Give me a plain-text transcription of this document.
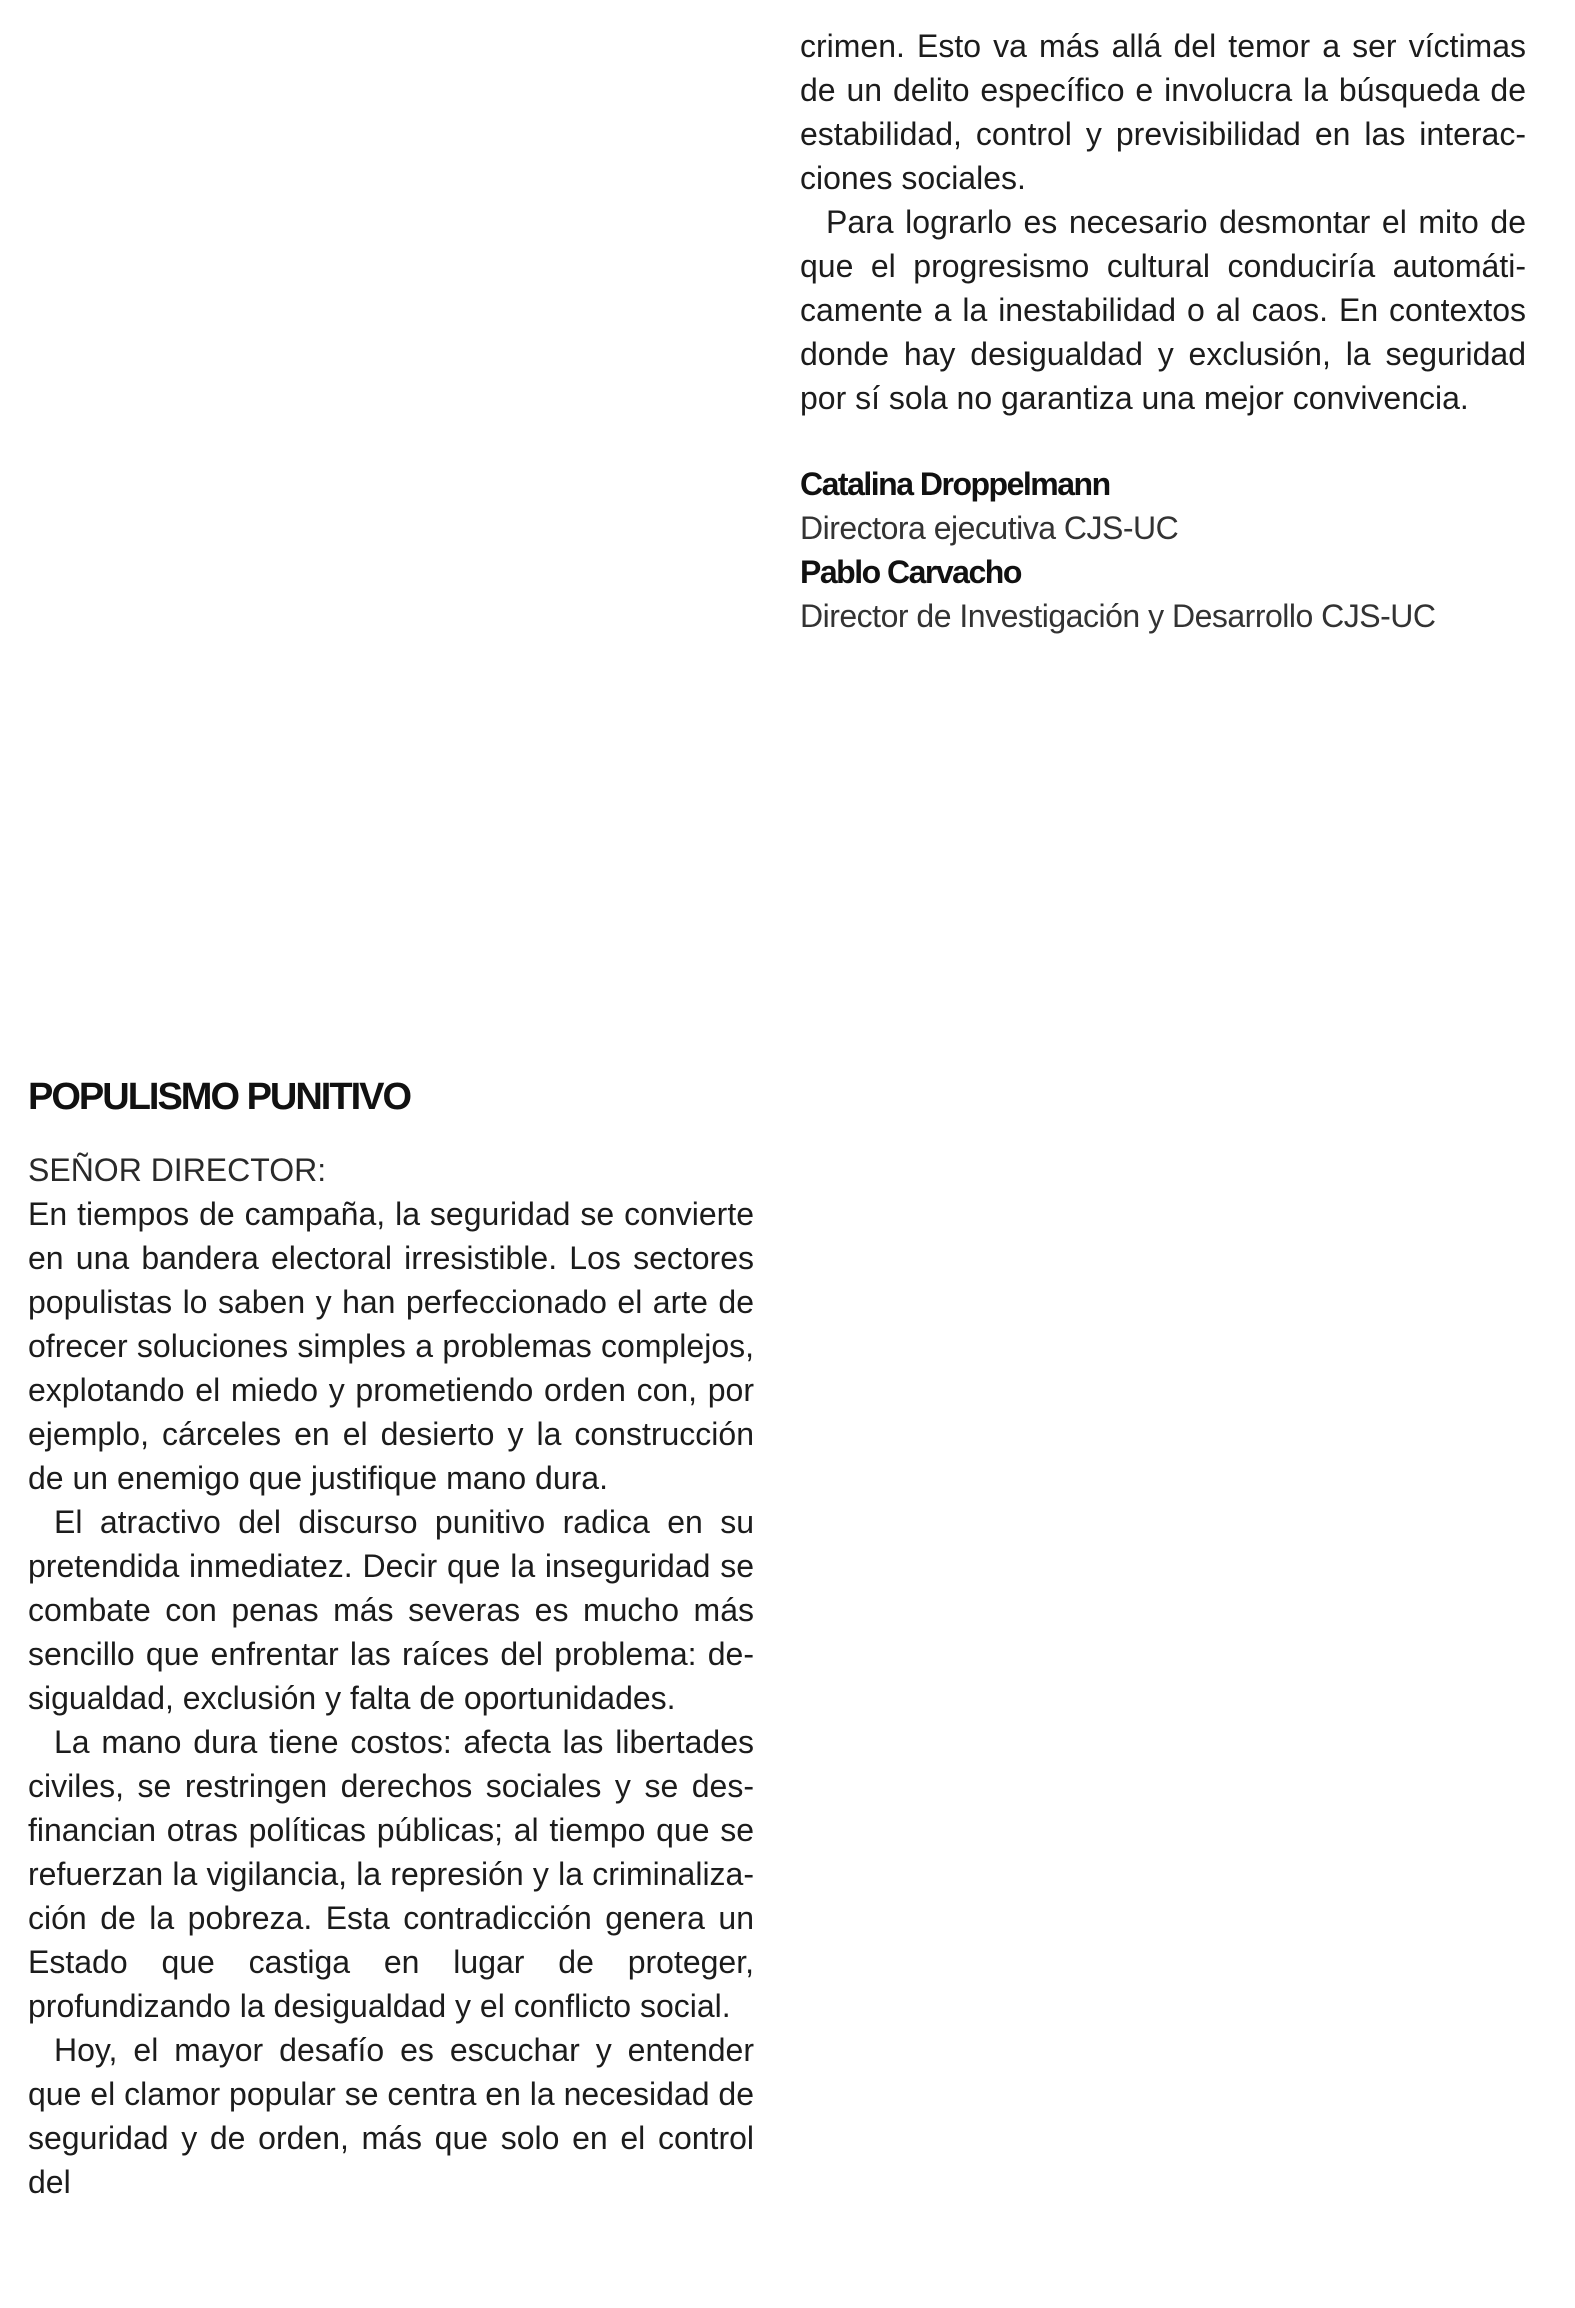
crimen. Esto va más allá del temor a ser víctimas de un delito específico e involucra la búsqueda de estabilidad, control y previsibilidad en las interacciones sociales.

Para lograrlo es necesario desmontar el mito de que el progresismo cultural conduciría automáticamente a la inestabilidad o al caos. En contextos donde hay desigualdad y exclusión, la seguridad por sí sola no garantiza una mejor convivencia.

Catalina Droppelmann
Directora ejecutiva CJS-UC
Pablo Carvacho
Director de Investigación y Desarrollo CJS-UC
POPULISMO PUNITIVO

SEÑOR DIRECTOR:

En tiempos de campaña, la seguridad se convierte en una bandera electoral irresistible. Los sectores populistas lo saben y han perfeccionado el arte de ofrecer soluciones simples a problemas complejos, explotando el miedo y prometiendo orden con, por ejemplo, cárceles en el desierto y la construcción de un enemigo que justifique mano dura.

El atractivo del discurso punitivo radica en su pretendida inmediatez. Decir que la inseguridad se combate con penas más severas es mucho más sencillo que enfrentar las raíces del problema: desigualdad, exclusión y falta de oportunidades.

La mano dura tiene costos: afecta las libertades civiles, se restringen derechos sociales y se desfinancian otras políticas públicas; al tiempo que se refuerzan la vigilancia, la represión y la criminalización de la pobreza. Esta contradicción genera un Estado que castiga en lugar de proteger, profundizando la desigualdad y el conflicto social.

Hoy, el mayor desafío es escuchar y entender que el clamor popular se centra en la necesidad de seguridad y de orden, más que solo en el control del
